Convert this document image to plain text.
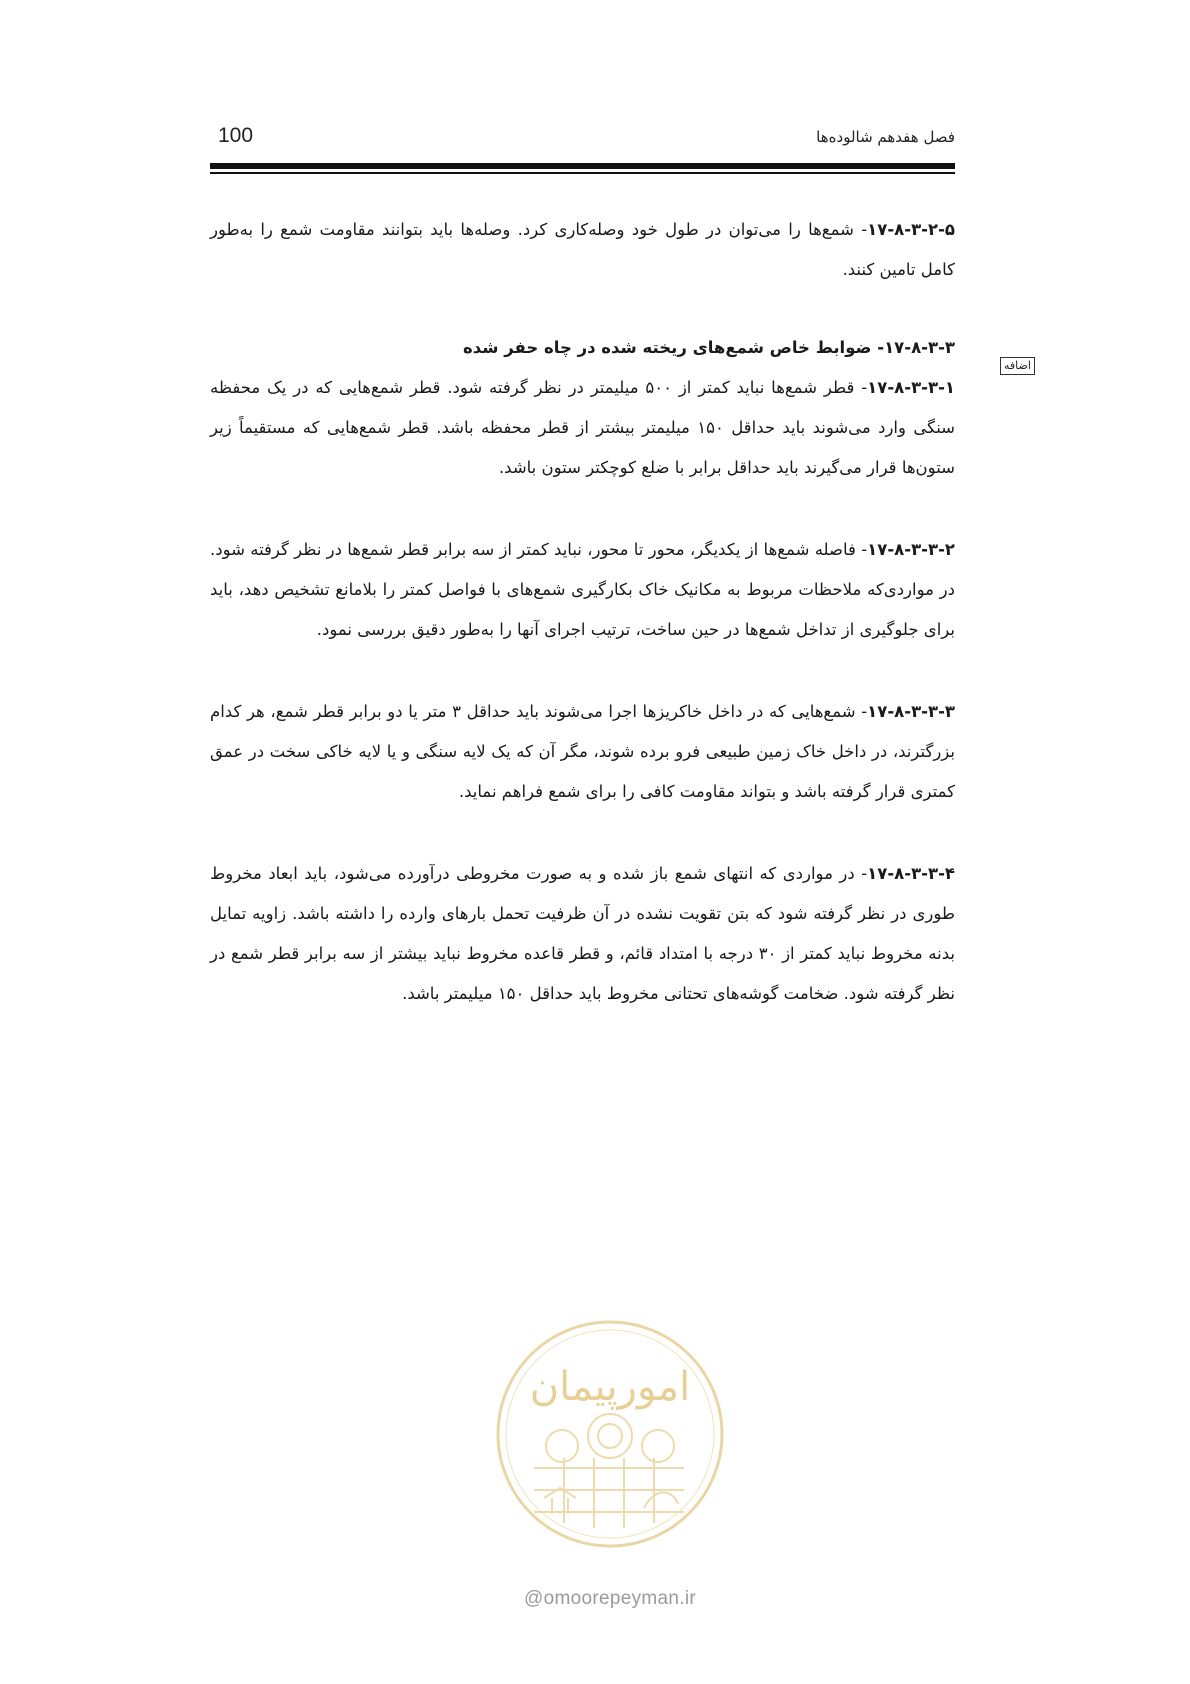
100	فصل هفدهم شالوده‌ها
اضافه

۱۷-۸-۳-۲-۵- شمع‌ها را می‌توان در طول خود وصله‌کاری کرد. وصله‌ها باید بتوانند مقاومت شمع را به‌طور کامل تامین کنند.

۱۷-۸-۳-۳- ضوابط خاص شمع‌های ریخته شده در چاه حفر شده

۱۷-۸-۳-۳-۱- قطر شمع‌ها نباید کمتر از ۵۰۰ میلیمتر در نظر گرفته شود. قطر شمع‌هایی که در یک محفظه سنگی وارد می‌شوند باید حداقل ۱۵۰ میلیمتر بیشتر از قطر محفظه باشد. قطر شمع‌هایی که مستقیماً زیر ستون‌ها قرار می‌گیرند باید حداقل برابر با ضلع کوچکتر ستون باشد.

۱۷-۸-۳-۳-۲- فاصله شمع‌ها از یکدیگر، محور تا محور، نباید کمتر از سه برابر قطر شمع‌ها در نظر گرفته شود. در مواردی‌که ملاحظات مربوط به مکانیک خاک بکارگیری شمع‌های با فواصل کمتر را بلامانع تشخیص دهد، باید برای جلوگیری از تداخل شمع‌ها در حین ساخت، ترتیب اجرای آنها را به‌طور دقیق بررسی نمود.

۱۷-۸-۳-۳-۳- شمع‌هایی که در داخل خاکریزها اجرا می‌شوند باید حداقل ۳ متر یا دو برابر قطر شمع، هر کدام بزرگترند، در داخل خاک زمین طبیعی فرو برده شوند، مگر آن که یک لایه سنگی و یا لایه خاکی سخت در عمق کمتری قرار گرفته باشد و بتواند مقاومت کافی را برای شمع فراهم نماید.

۱۷-۸-۳-۳-۴- در مواردی که انتهای شمع باز شده و به صورت مخروطی درآورده می‌شود، باید ابعاد مخروط طوری در نظر گرفته شود که بتن تقویت نشده در آن ظرفیت تحمل بارهای وارده را داشته باشد. زاویه تمایل بدنه مخروط نباید کمتر از ۳۰ درجه با امتداد قائم، و قطر قاعده مخروط نباید بیشتر از سه برابر قطر شمع در نظر گرفته شود. ضخامت گوشه‌های تحتانی مخروط باید حداقل ۱۵۰ میلیمتر باشد.

امورپیمان
@omoorepeyman.ir
